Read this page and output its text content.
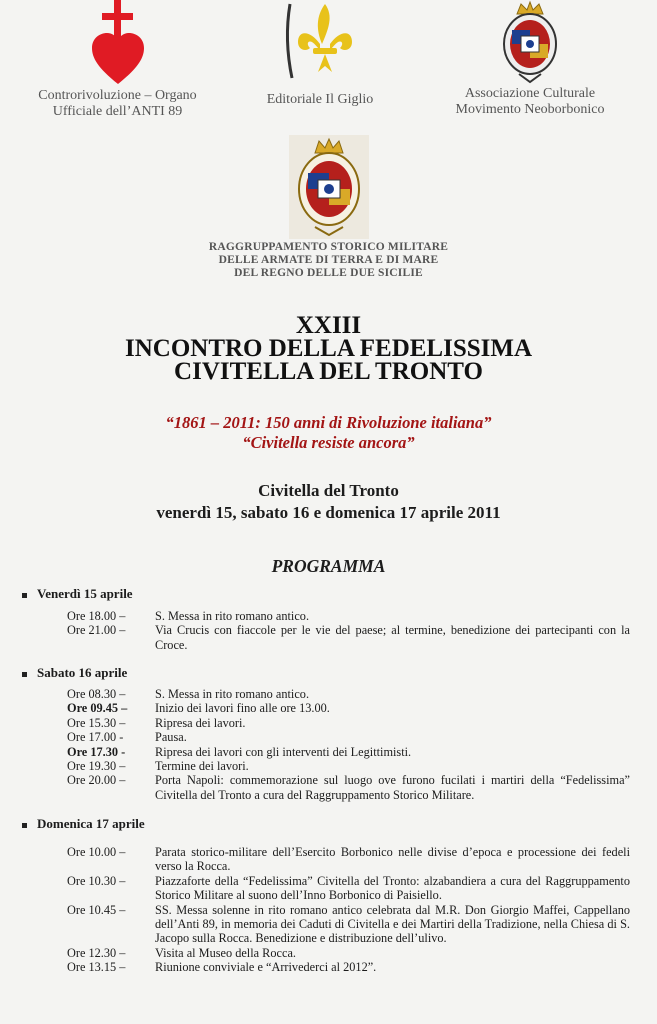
Controrivoluzione – Organo
Ufficiale dell’ANTI 89
Editoriale Il Giglio	Associazione Culturale
Movimento Neoborbonico
RAGGRUPPAMENTO STORICO MILITARE
DELLE ARMATE DI TERRA E DI MARE
DEL REGNO DELLE DUE SICILIE
XXIII
INCONTRO DELLA FEDELISSIMA
CIVITELLA DEL TRONTO
“1861 – 2011: 150 anni di Rivoluzione italiana”
“Civitella resiste ancora”
Civitella del Tronto
venerdì 15, sabato 16 e domenica 17 aprile 2011
PROGRAMMA
Venerdì 15 aprile
Ore 18.00 –	S. Messa in rito romano antico.
Ore 21.00 –	Via Crucis con fiaccole per le vie del paese; al termine, benedizione dei partecipanti con la Croce.
Sabato 16 aprile
Ore 08.30 –	S. Messa in rito romano antico.
Ore 09.45 –	Inizio dei lavori fino alle ore 13.00.
Ore 15.30 –	Ripresa dei lavori.
Ore 17.00 -	Pausa.
Ore 17.30 -	Ripresa dei lavori con gli interventi dei Legittimisti.
Ore 19.30 –	Termine dei lavori.
Ore 20.00 –	Porta Napoli: commemorazione sul luogo ove furono fucilati i martiri della “Fedelissima” Civitella del Tronto a cura del Raggruppamento Storico Militare.
Domenica 17 aprile
Ore 10.00 –	Parata storico-militare dell’Esercito Borbonico nelle divise d’epoca e processione dei fedeli verso la Rocca.
Ore 10.30 –	Piazzaforte della “Fedelissima” Civitella del Tronto: alzabandiera a cura del Raggruppamento Storico Militare al suono dell’Inno Borbonico di Paisiello.
Ore 10.45 –	SS. Messa solenne in rito romano antico celebrata dal M.R. Don Giorgio Maffei, Cappellano dell’Anti 89, in memoria dei Caduti di Civitella e dei Martiri della Tradizione, nella Chiesa di S. Jacopo sulla Rocca. Benedizione e distribuzione dell’ulivo.
Ore 12.30 –	Visita al Museo della Rocca.
Ore 13.15 –	Riunione conviviale e “Arrivederci al 2012”.
